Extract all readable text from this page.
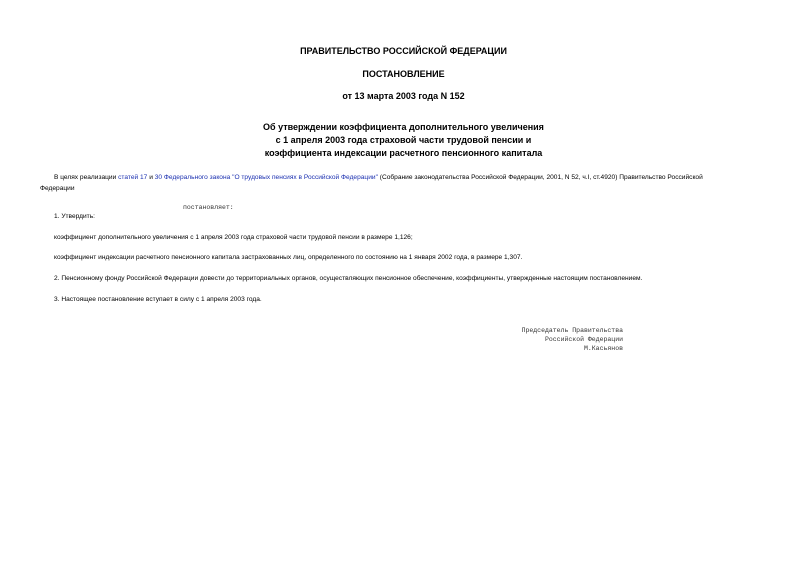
ПРАВИТЕЛЬСТВО РОССИЙСКОЙ ФЕДЕРАЦИИ
ПОСТАНОВЛЕНИЕ
от 13 марта 2003 года N 152
Об утверждении коэффициента дополнительного увеличения
с 1 апреля 2003 года страховой части трудовой пенсии и
коэффициента индексации расчетного пенсионного капитала
В целях реализации статей 17 и 30 Федерального закона "О трудовых пенсиях в Российской Федерации" (Собрание законодательства Российской Федерации, 2001, N 52, ч.I, ст.4920) Правительство Российской
Федерации
постановляет:
1. Утвердить:
коэффициент дополнительного увеличения с 1 апреля 2003 года страховой части трудовой пенсии в размере 1,126;
коэффициент индексации расчетного пенсионного капитала застрахованных лиц, определенного по состоянию на 1 января 2002 года, в размере 1,307.
2. Пенсионному фонду Российской Федерации довести до территориальных органов, осуществляющих пенсионное обеспечение, коэффициенты, утвержденные настоящим постановлением.
3. Настоящее постановление вступает в силу с 1 апреля 2003 года.
Председатель Правительства
Российской Федерации
М.Касьянов
